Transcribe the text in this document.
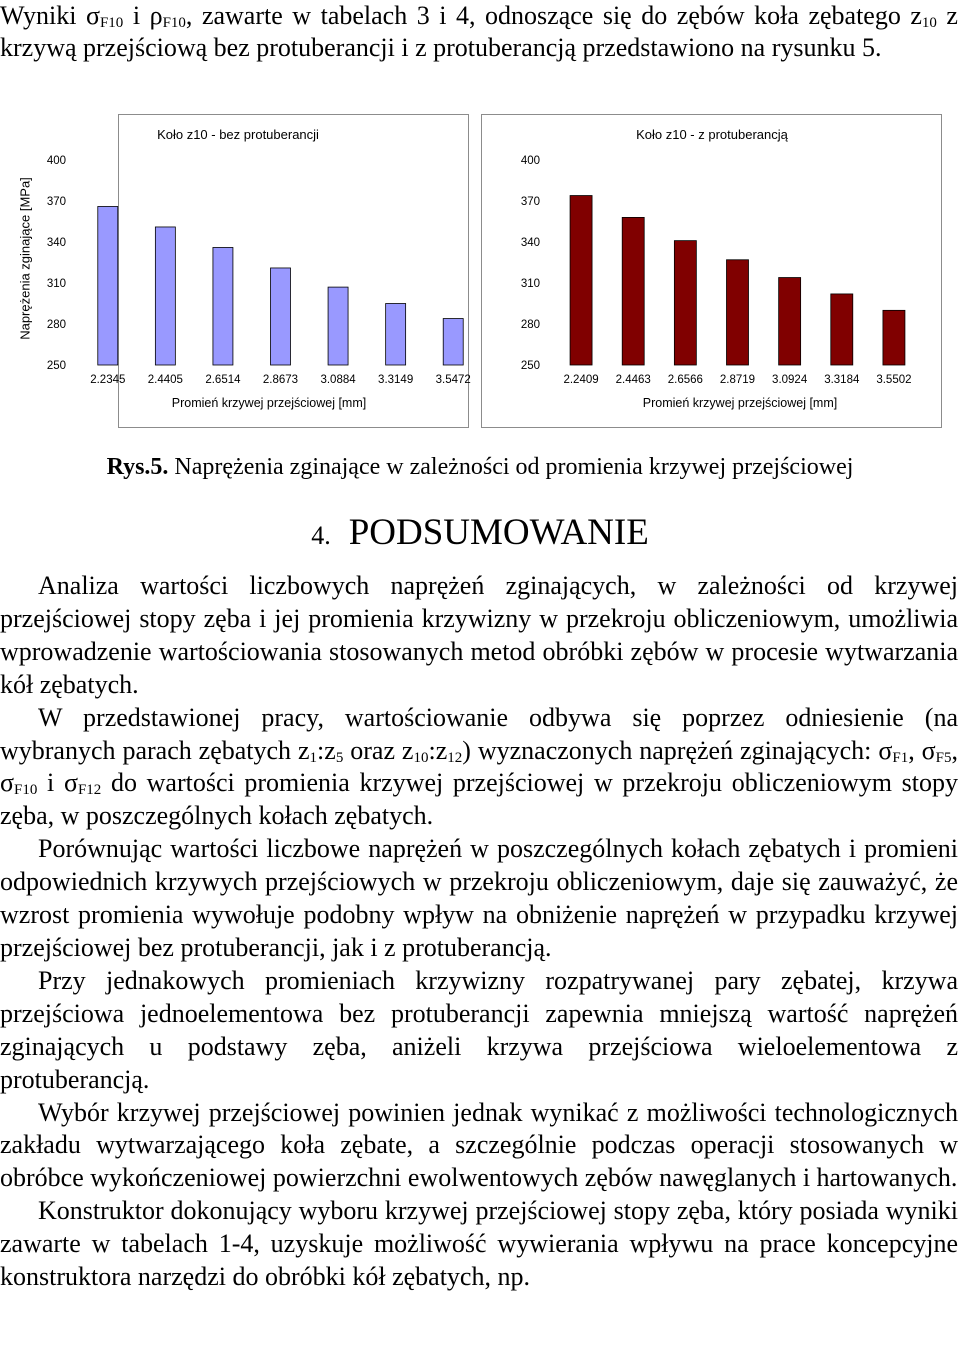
Wyniki $\sigma_{F10}$ i $\rho_{F10}$, zawarte w tabelach 3 i 4, odnoszące się do zębów koła zębatego $z_{10}$ z krzywą przejściową bez protuberancji i z protuberancją przedstawiono na rysunku 5.
Naprężenia zginające [MPa]
Koło z10 - bez protuberancji
400
370
340
310
280
250
2.2345 2.4405 2.6514 2.8673 3.0884 3.3149 3.5472
Promień krzywej przejściowej [mm]
Koło z10 - z protuberancją
400
370
340
310
280
250
2.2409 2.4463 2.6566 2.8719 3.0924 3.3184 3.5502
Promień krzywej przejściowej [mm]
Rys.5. Naprężenia zginające w zależności od promienia krzywej przejściowej
4. PODSUMOWANIE

Analiza wartości liczbowych naprężeń zginających, w zależności od krzywej przejściowej stopy zęba i jej promienia krzywizny w przekroju obliczeniowym, umożliwia wprowadzenie wartościowania stosowanych metod obróbki zębów w procesie wytwarzania kół zębatych.

W przedstawionej pracy, wartościowanie odbywa się poprzez odniesienie (na wybranych parach zębatych $z_1:z_5$ oraz $z_{10}:z_{12}$) wyznaczonych naprężeń zginających: $\sigma_{F1}$, $\sigma_{F5}$, $\sigma_{F10}$ i $\sigma_{F12}$ do wartości promienia krzywej przejściowej w przekroju obliczeniowym stopy zęba, w poszczególnych kołach zębatych.

Porównując wartości liczbowe naprężeń w poszczególnych kołach zębatych i promieni odpowiednich krzywych przejściowych w przekroju obliczeniowym, daje się zauważyć, że wzrost promienia wywołuje podobny wpływ na obniżenie naprężeń w przypadku krzywej przejściowej bez protuberancji, jak i z protuberancją.

Przy jednakowych promieniach krzywizny rozpatrywanej pary zębatej, krzywa przejściowa jednoelementowa bez protuberancji zapewnia mniejszą wartość naprężeń zginających u podstawy zęba, aniżeli krzywa przejściowa wieloelementowa z protuberancją.

Wybór krzywej przejściowej powinien jednak wynikać z możliwości technologicznych zakładu wytwarzającego koła zębate, a szczególnie podczas operacji stosowanych w obróbce wykończeniowej powierzchni ewolwentowych zębów nawęglanych i hartowanych.

Konstruktor dokonujący wyboru krzywej przejściowej stopy zęba, który posiada wyniki zawarte w tabelach 1-4, uzyskuje możliwość wywierania wpływu na prace koncepcyjne konstruktora narzędzi do obróbki kół zębatych, np.
